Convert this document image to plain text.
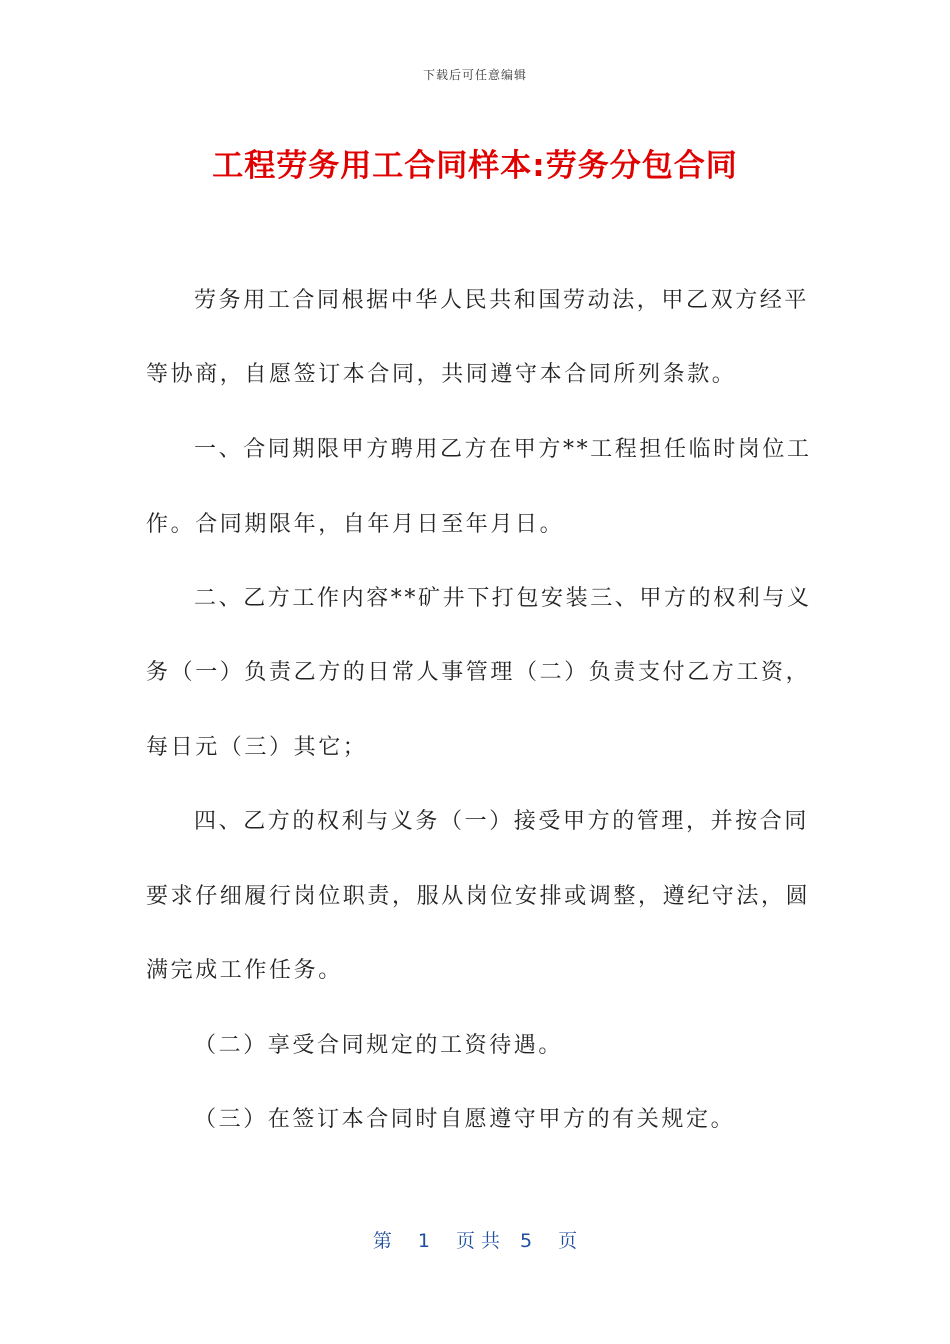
下载后可任意编辑
工程劳务用工合同样本:劳务分包合同
劳务用工合同根据中华人民共和国劳动法，甲乙双方经平
等协商，自愿签订本合同，共同遵守本合同所列条款。
一、合同期限甲方聘用乙方在甲方**工程担任临时岗位工
作。合同期限年，自年月日至年月日。
二、乙方工作内容**矿井下打包安装三、甲方的权利与义
务（一）负责乙方的日常人事管理（二）负责支付乙方工资，
每日元（三）其它；
四、乙方的权利与义务（一）接受甲方的管理，并按合同
要求仔细履行岗位职责，服从岗位安排或调整，遵纪守法，圆
满完成工作任务。
（二）享受合同规定的工资待遇。
（三）在签订本合同时自愿遵守甲方的有关规定。
第 1 页共 5 页
